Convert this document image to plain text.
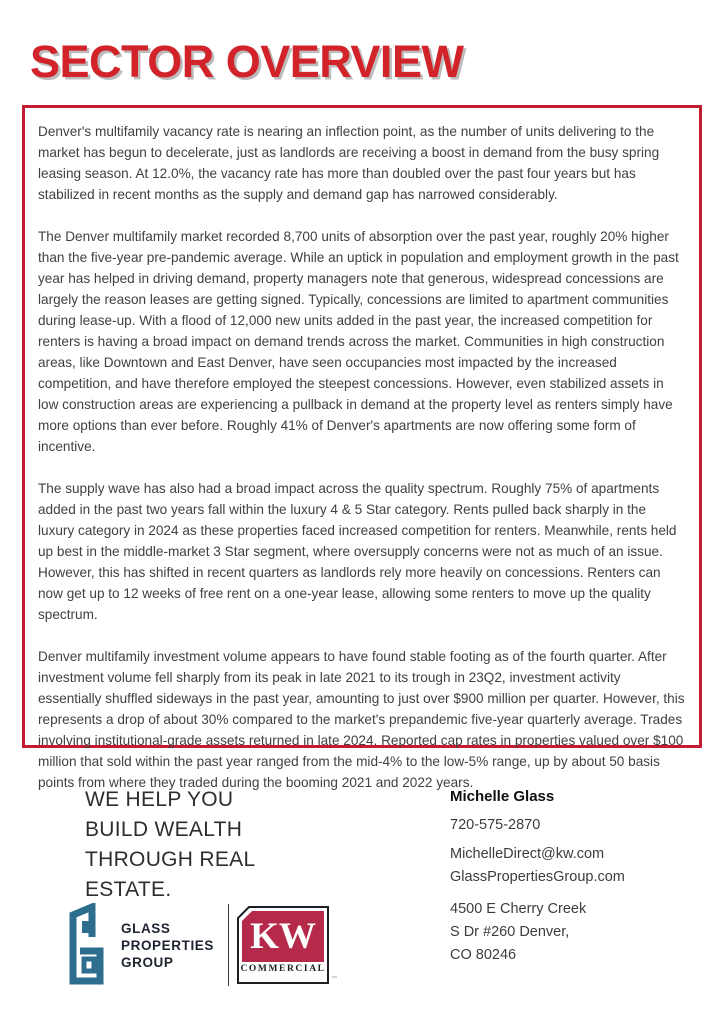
SECTOR OVERVIEW

Denver's multifamily vacancy rate is nearing an inflection point, as the number of units delivering to the market has begun to decelerate, just as landlords are receiving a boost in demand from the busy spring leasing season. At 12.0%, the vacancy rate has more than doubled over the past four years but has stabilized in recent months as the supply and demand gap has narrowed considerably.

The Denver multifamily market recorded 8,700 units of absorption over the past year, roughly 20% higher than the five-year pre-pandemic average. While an uptick in population and employment growth in the past year has helped in driving demand, property managers note that generous, widespread concessions are largely the reason leases are getting signed. Typically, concessions are limited to apartment communities during lease-up. With a flood of 12,000 new units added in the past year, the increased competition for renters is having a broad impact on demand trends across the market. Communities in high construction areas, like Downtown and East Denver, have seen occupancies most impacted by the increased competition, and have therefore employed the steepest concessions. However, even stabilized assets in low construction areas are experiencing a pullback in demand at the property level as renters simply have more options than ever before. Roughly 41% of Denver's apartments are now offering some form of incentive.

The supply wave has also had a broad impact across the quality spectrum. Roughly 75% of apartments added in the past two years fall within the luxury 4 & 5 Star category. Rents pulled back sharply in the luxury category in 2024 as these properties faced increased competition for renters. Meanwhile, rents held up best in the middle-market 3 Star segment, where oversupply concerns were not as much of an issue. However, this has shifted in recent quarters as landlords rely more heavily on concessions. Renters can now get up to 12 weeks of free rent on a one-year lease, allowing some renters to move up the quality spectrum.

Denver multifamily investment volume appears to have found stable footing as of the fourth quarter. After investment volume fell sharply from its peak in late 2021 to its trough in 23Q2, investment activity essentially shuffled sideways in the past year, amounting to just over $900 million per quarter. However, this represents a drop of about 30% compared to the market's prepandemic five-year quarterly average. Trades involving institutional-grade assets returned in late 2024. Reported cap rates in properties valued over $100 million that sold within the past year ranged from the mid-4% to the low-5% range, up by about 50 basis points from where they traded during the booming 2021 and 2022 years.

WE HELP YOU
BUILD WEALTH
THROUGH REAL
ESTATE.
Michelle Glass
720-575-2870
MichelleDirect@kw.com
GlassPropertiesGroup.com
4500 E Cherry Creek
S Dr #260 Denver,
CO 80246
GLASS
PROPERTIES
GROUP
KW
COMMERCIAL
™
